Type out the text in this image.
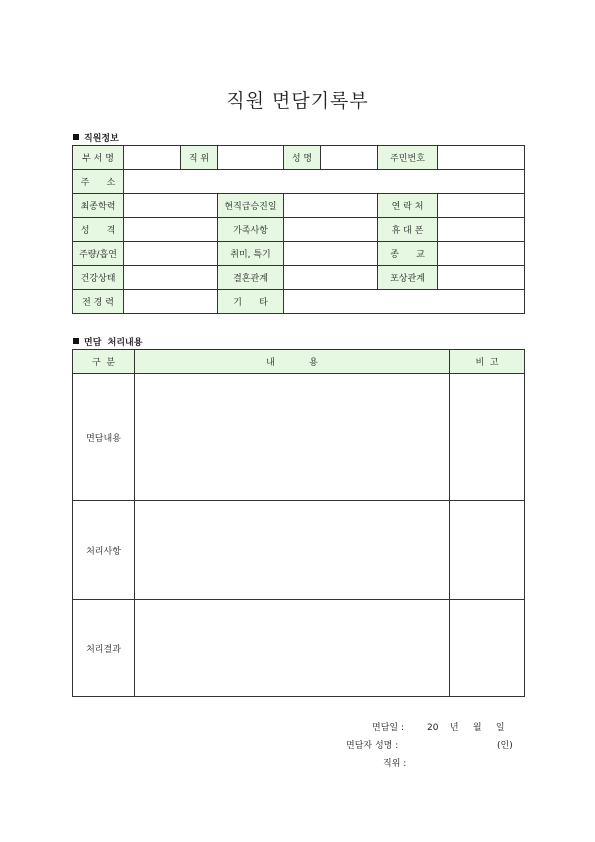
직원 면담기록부
직원정보
부 서 명		직 위		성 명		주민번호	
주      소							
최종학력			현직급승진일			연 락 처	
성      격			가족사항			휴 대 폰	
주량/흡연			취미, 특기			종      교	
건강상태			결혼관계			포상관계	
전 경 력			기      타				
면담  처리내용
구  분	내            용	비  고
면담내용		
처리사항		
처리결과		
면담일 :	20    년     월     일
면담자 성명 :	(인)
직위 :
